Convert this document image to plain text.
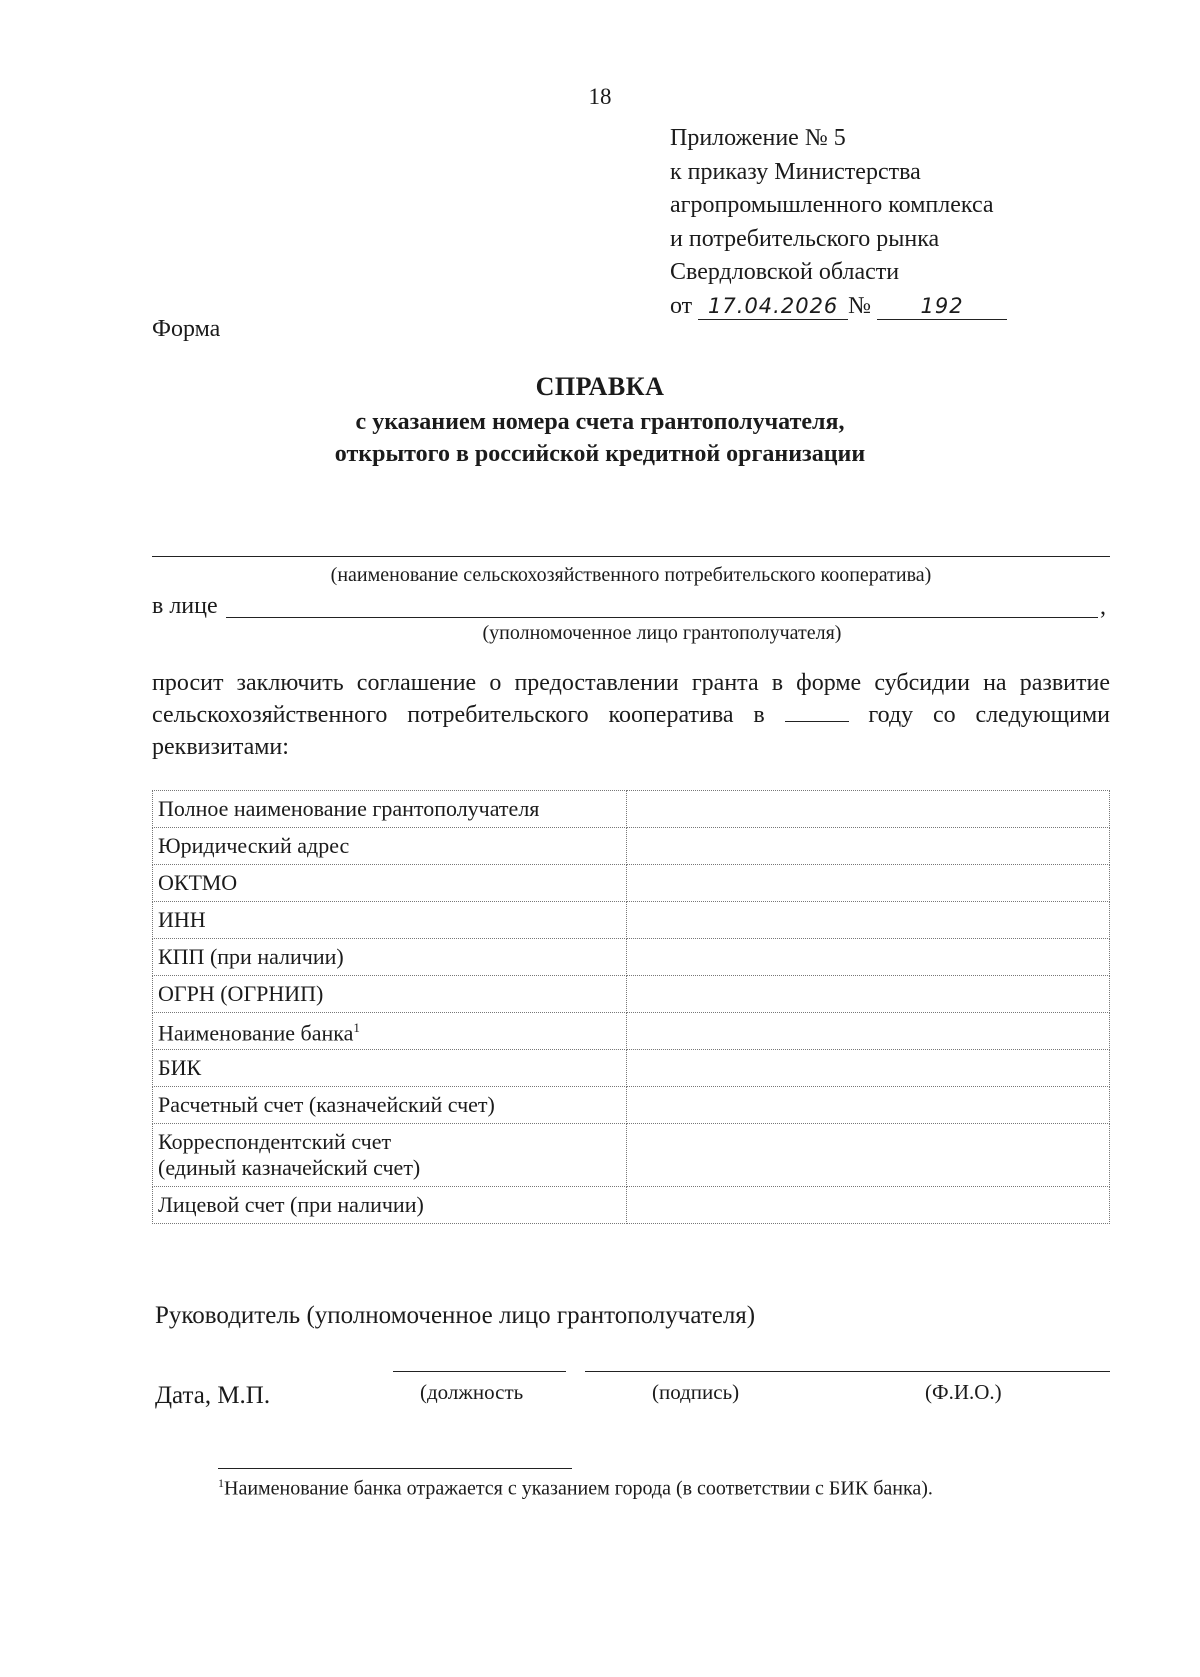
18
Приложение № 5
к приказу Министерства
агропромышленного комплекса
и потребительского рынка
Свердловской области
от 17.04.2026 № 192
Форма
СПРАВКА
с указанием номера счета грантополучателя,
открытого в российской кредитной организации
(наименование сельскохозяйственного потребительского кооператива)
в лице	,
(уполномоченное лицо грантополучателя)
просит заключить соглашение о предоставлении гранта в форме субсидии на развитие сельскохозяйственного потребительского кооператива в	году со следующими реквизитами:
Полное наименование грантополучателя	
Юридический адрес	
ОКТМО	
ИНН	
КПП (при наличии)	
ОГРН (ОГРНИП)	
Наименование банка$^1$	
БИК	
Расчетный счет (казначейский счет)	

Корреспондентский счет
(единый казначейский счет)	

Лицевой счет (при наличии)	
Руководитель (уполномоченное лицо грантополучателя)
Дата, М.П.	(должность	(подпись)	(Ф.И.О.)
$^1$Наименование банка отражается с указанием города (в соответствии с БИК банка).
